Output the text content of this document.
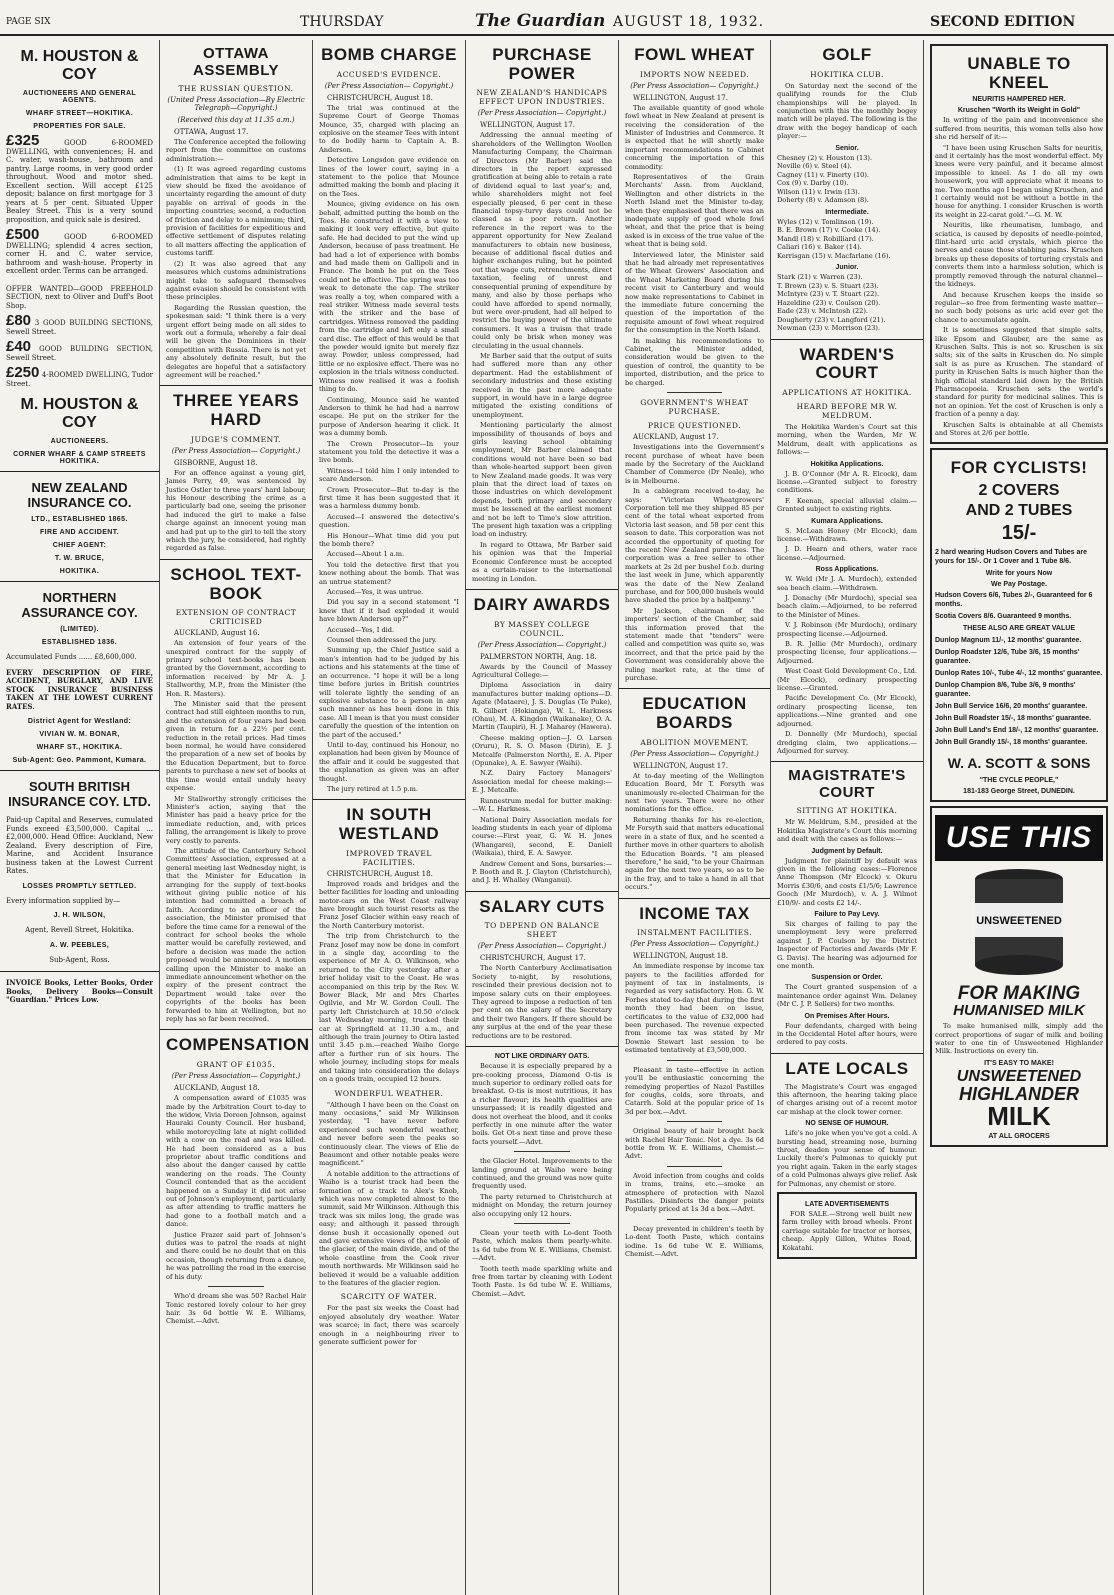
PAGE SIX	THURSDAY	The Guardian AUGUST 18, 1932.	SECOND EDITION
M. HOUSTON & COY
AUCTIONEERS AND GENERAL AGENTS.
WHARF STREET—HOKITIKA.
PROPERTIES FOR SALE.
£325	GOOD 6-ROOMED DWELLING, with conveniences; H. and C. water, wash-house, bathroom and pantry. Large rooms, in very good order throughout. Wood and motor shed. Excellent section. Will accept £125 deposit; balance on first mortgage for 3 years at 5 per cent. Situated Upper Bealey Street. This is a very sound proposition, and quick sale is desired.
£500	GOOD 6-ROOMED DWELLING; splendid 4 acres section, corner H. and C. water service, bathroom and wash-house. Property in excellent order. Terms can be arranged.
OFFER WANTED—GOOD FREEHOLD SECTION, next to Oliver and Duff's Boot Shop.
£80 3 GOOD BUILDING SECTIONS, Sewell Street.
£40 GOOD BUILDING SECTION, Sewell Street.
£250 4-ROOMED DWELLING, Tudor Street.
M. HOUSTON & COY
AUCTIONEERS.
CORNER WHARF & CAMP STREETS HOKITIKA.
NEW ZEALAND INSURANCE CO.
LTD., ESTABLISHED 1865.
FIRE AND ACCIDENT.
CHIEF AGENT:
T. W. BRUCE,
HOKITIKA.
NORTHERN ASSURANCE COY.
(LIMITED).
ESTABLISHED 1836.
Accumulated Funds ...... £8,600,000.
EVERY DESCRIPTION OF FIRE, ACCIDENT, BURGLARY, AND LIVE STOCK INSURANCE BUSINESS TAKEN AT THE LOWEST CURRENT RATES.
District Agent for Westland:
VIVIAN W. M. BONAR,
WHARF ST., HOKITIKA.
Sub-Agent: Geo. Pammont, Kumara.
SOUTH BRITISH INSURANCE COY. LTD.
Paid-up Capital and Reserves, cumulated Funds exceed £3,500,000. Capital ... £2,000,000. Head Office: Auckland, New Zealand. Every description of Fire, Marine, and Accident Insurance business taken at the Lowest Current Rates.
LOSSES PROMPTLY SETTLED.
Every information supplied by—
J. H. WILSON,
Agent, Revell Street, Hokitika.
A. W. PEEBLES,
Sub-Agent, Ross.
INVOICE Books, Letter Books, Order Books, Delivery Books—Consult "Guardian." Prices Low.
OTTAWA ASSEMBLY
THE RUSSIAN QUESTION.
(United Press Association—By Electric Telegraph—Copyright.)
(Received this day at 11.35 a.m.)
OTTAWA, August 17.

The Conference accepted the following report from the committee on customs administration:—

(1) It was agreed regarding customs administration that aims to be kept in view should be fixed the avoidance of uncertainty regarding the amount of duty payable on arrival of goods in the importing countries; second, a reduction of friction and delay to a minimum; third, provision of facilities for expeditious and effective settlement of disputes relating to all matters affecting the application of customs tariff.

(2) It was also agreed that any measures which customs administrations might take to safeguard themselves against evasion should be consistent with these principles.

Regarding the Russian question, the spokesman said: "I think there is a very urgent effort being made on all sides to work out a formula, whereby a fair deal will be given the Dominions in their competition with Russia. There is not yet any absolutely definite result, but the delegates are hopeful that a satisfactory agreement will be reached."

THREE YEARS HARD
JUDGE'S COMMENT.
(Per Press Association— Copyright.)
GISBORNE, August 18.

For an offence against a young girl, James Perry, 49, was sentenced by Justice Ostler to three years' hard labour, his Honour describing the crime as a particularly bad one, seeing the prisoner had induced the girl to make a false charge against an innocent young man and had put up to the girl to tell the story which the jury, he considered, had rightly regarded as false.

SCHOOL TEXT-BOOK
EXTENSION OF CONTRACT CRITICISED
AUCKLAND, August 16.

An extension of four years of the unexpired contract for the supply of primary school text-books has been granted by the Government, according to information received by Mr A. J. Stallworthy, M.P., from the Minister (the Hon. R. Masters).

The Minister said that the present contract had still eighteen months to run, and the extension of four years had been given in return for a 22½ per cent. reduction in the retail prices. Had times been normal, he would have considered the preparation of a new set of books by the Education Department, but to force parents to purchase a new set of books at this time would entail unduly heavy expense.

Mr Stallworthy strongly criticises the Minister's action, saying that the Minister has paid a heavy price for the immediate reduction, and, with prices falling, the arrangement is likely to prove very costly to parents.

The attitude of the Canterbury School Committees' Association, expressed at a general meeting last Wednesday night, is that the Minister for Education in arranging for the supply of text-books without giving public notice of his intention had committed a breach of faith. According to an officer of the association, the Minister promised that before the time came for a renewal of the contract for school books the whole matter would be carefully reviewed, and before a decision was made the action proposed would be announced. A motion calling upon the Minister to make an immediate announcement whether on the expiry of the present contract the Department would take over the copyrights of the books has been forwarded to him at Wellington, but no reply has so far been received.

COMPENSATION
GRANT OF £1035.
(Per Press Association— Copyright.)
AUCKLAND, August 18.

A compensation award of £1035 was made by the Arbitration Court to-day to the widow, Vivia Doreen Johnson, against Hauraki County Council. Her husband, while motorcycling late at night collided with a cow on the road and was killed. He had been considered as a bus proprietor about traffic conditions and also about the danger caused by cattle wandering on the roads. The County Council contended that as the accident happened on a Sunday it did not arise out of Johnson's employment, particularly as after attending to traffic matters he had gone to a football match and a dance.

Justice Frazer said part of Johnson's duties was to patrol the roads at night and there could be no doubt that on this occasion, though returning from a dance, he was patrolling the road in the exercise of his duty.

Who'd dream she was 50? Rachel Hair Tonic restored lovely colour to her grey hair. 3s 6d bottle W. E. Williams, Chemist.—Advt.

BOMB CHARGE
ACCUSED'S EVIDENCE.
(Per Press Association— Copyright.)
CHRISTCHURCH, August 18.

The trial was continued at the Supreme Court of George Thomas Mounce, 35, charged with placing an explosive on the steamer Tees with intent to do bodily harm to Captain A. B. Anderson.

Detective Longsdon gave evidence on lines of the lower court, saying in a statement to the police that Mounce admitted making the bomb and placing it on the Tees.

Mounce, giving evidence on his own behalf, admitted putting the bomb on the Tees. He constructed it with a view to making it look very effective, but quite safe. He had decided to put the wind up Anderson, because of pass treatment. He had had a lot of experience with bombs and had made them on Gallipoli and in France. The bomb he put on the Tees could not be effective. The spring was too weak to detonate the cap. The striker was really a toy, when compared with a real striker. Witness made several tests with the striker and the base of cartridges. Witness removed the padding from the cartridge and left only a small card disc. The effect of this would be that the powder would ignite but merely fizz away. Powder, unless compressed, had little or no explosive effect. There was no explosion in the trials witness conducted. Witness now realised it was a foolish thing to do.

Continuing, Mounce said he wanted Anderson to think he had had a narrow escape. He put on the striker for the purpose of Anderson hearing it click. It was a dummy bomb.

The Crown Prosecutor—In your statement you told the detective it was a live bomb.

Witness—I told him I only intended to scare Anderson.

Crown Prosecutor—But to-day is the first time it has been suggested that it was a harmless dummy bomb.

Accused—I answered the detective's question.

His Honour—What time did you put the bomb there?

Accused—About 1 a.m.

You told the detective first that you knew nothing about the bomb. That was an untrue statement?

Accused—Yes, it was untrue.

Did you say in a second statement "I knew that if it had exploded it would have blown Anderson up?"

Accused—Yes, I did.

Counsel then addressed the jury.

Summing up, the Chief Justice said a man's intention had to be judged by his actions and his statements at the time of an occurrence. "I hope it will be a long time before juries in British countries will tolerate lightly the sending of an explosive substance to a person in any such manner as has been done in this case. All I mean is that you must consider carefully the question of the intention on the part of the accused."

Until to-day, continued his Honour, no explanation had been given by Mounce of the affair and it could be suggested that the explanation as given was an after thought.

The jury retired at 1.5 p.m.

IN SOUTH WESTLAND
IMPROVED TRAVEL FACILITIES.
CHRISTCHURCH, August 18.

Improved roads and bridges and the better facilities for loading and unloading motor-cars on the West Coast railway have brought such tourist resorts as the Franz Josef Glacier within easy reach of the North Canterbury motorist.

The trip from Christchurch to the Franz Josef may now be done in comfort in a single day, according to the experience of Mr A. O. Wilkinson, who returned to the City yesterday after a brief holiday visit to the Coast. He was accompanied on this trip by the Rev. W. Bower Black, Mr and Mrs Charles Ogilvie, and Mr W. Gordon Coull. The party left Christchurch at 10.50 o'clock last Wednesday morning, trucked their car at Springfield at 11.30 a.m., and although the train journey to Otira lasted until 3.45 p.m.—reached Waiho Gorge after a further run of six hours. The whole journey, including stops for meals and taking into consideration the delays on a goods train, occupied 12 hours.

WONDERFUL WEATHER.

"Although I have been on the Coast on many occasions," said Mr Wilkinson yesterday, "I have never before experienced such wonderful weather, and never before seen the peaks so continuously clear. The views of Elie de Beaumont and other notable peaks were magnificent."

A notable addition to the attractions of Waiho is a tourist track had been the formation of a track to Alex's Knob, which was now completed almost to the summit, said Mr Wilkinson. Although this track was six miles long, the grade was easy; and although it passed through dense bush it occasionally opened out and gave extensive views of the whole of the glacier, of the main divide, and of the whole coastline from the Cook river mouth northwards. Mr Wilkinson said he believed it would be a valuable addition to the features of the glacier region.

SCARCITY OF WATER.

For the past six weeks the Coast had enjoyed absolutely dry weather. Water was scarce; in fact, there was scarcely enough in a neighbouring river to generate sufficient power for

PURCHASE POWER
NEW ZEALAND'S HANDICAPS EFFECT UPON INDUSTRIES.
(Per Press Association— Copyright.)
WELLINGTON, August 17.

Addressing the annual meeting of shareholders of the Wellington Woollen Manufacturing Company, the Chairman of Directors (Mr Barber) said the directors in the report expressed gratification at being able to retain a rate of dividend equal to last year's; and, while shareholders might not feel especially pleased, 6 per cent in these financial topsy-turvy days could not be classed as a poor return. Another reference in the report was to the apparent opportunity for New Zealand manufacturers to obtain new business, because of additional fiscal duties and higher exchanges ruling, but he pointed out that wage cuts, retrenchments, direct taxation, feeling of unrest and consequential pruning of expenditure by many, and also by those perhaps who could have afforded to spend normally, but were over-prudent, had all helped to restrict the buying power of the ultimate consumers. It was a truism that trade could only be brisk when money was circulating in the usual channels.

Mr Barber said that the output of suits had suffered more than any other department. Had the establishment of secondary industries and those existing received in the past more adequate support, in would have in a large degree mitigated the existing conditions of unemployment.

Mentioning particularly the almost impossibility of thousands of boys and girls leaving school obtaining employment, Mr Barber claimed that conditions would not have been so bad than whole-hearted support been given to New Zealand made goods. It was very plain that the direct load of taxes on those industries on which development depends, both primary and secondary must be lessened at the earliest moment and not be left to Time's slow attrition. The present high taxation was a crippling load on industry.

In regard to Ottawa, Mr Barber said his opinion was that the Imperial Economic Conference must be accepted as a curtain-raiser to the international meeting in London.

DAIRY AWARDS
BY MASSEY COLLEGE COUNCIL.
(Per Press Association— Copyright.)
PALMERSTON NORTH, Aug. 18.

Awards by the Council of Massey Agricultural College:—

Diploma Association in dairy manufactures butter making options—D. Agate (Mataere), J. S. Douglas (Te Puke), R. Gilbert (Hokianga), W. L. Harkness (Ohau), M. A. Kingdon (Waikanake), O. A. Martin (Taupiri), H. J. Maharey (Hawera).

Cheese making option—J. O. Larsen (Oruru), R. S. O. Mason (Dirin), E. J. Metcalfe (Palmerston North), E. A. Piper (Opunake), A. E. Sawyer (Waihi).

N.Z. Dairy Factory Managers' Association medal for cheese making:—E. J. Metcalfe.

Runnestrum medal for butter making:—W. L. Harkness.

National Dairy Association medals for leading students in each year of diploma course:—First year, G. W. H. Jones (Whangarei), second, E. Daniell (Waikaia), third, E. A. Sawyer.

Andrew Cement and Sons, bursaries:—P. Booth and R. J. Clayton (Christchurch), and J. H. Whalley (Wanganui).

SALARY CUTS
TO DEPEND ON BALANCE SHEET
(Per Press Association— Copyright.)
CHRISTCHURCH, August 17.

The North Canterbury Acclimatisation Society to-night, by resolutions, rescinded their previous decision not to impose salary cuts on their employees. They agreed to impose a reduction of ten per cent on the salary of the Secretary and their two Rangers. If there should be any surplus at the end of the year these reductions are to be restored.

NOT LIKE ORDINARY OATS.

Because it is especially prepared by a pre-cooking process, Diamond O-tis is much superior to ordinary rolled oats for breakfast. O-tis is most nutritious, it has a richer flavour; its health qualities are unsurpassed; it is readily digested and does not overheat the blood, and it cooks perfectly in one minute after the water boils. Get Ot-s next time and prove these facts yourself.—Advt.

the Glacier Hotel. Improvements to the landing ground at Waiho were being continued, and the ground was now quite frequently used.

The party returned to Christchurch at midnight on Monday, the return journey also occupying only 12 hours.

Clean your teeth with Lo-dent Tooth Paste, which makes them pearly-white. 1s 6d tube from W. E. Williams, Chemist.—Advt.

Tooth teeth made sparkling white and free from tartar by cleaning with Lodent Tooth Paste. 1s 6d tube W. E. Williams, Chemist.—Advt.

FOWL WHEAT
IMPORTS NOW NEEDED.
(Per Press Association— Copyright.)
WELLINGTON, August 17.

The available quantity of good whole fowl wheat in New Zealand at present is receiving the consideration of the Minister of Industries and Commerce. It is expected that he will shortly make important recommendations to Cabinet concerning the importation of this commodity.

Representatives of the Grain Merchants' Assn. from Auckland, Wellington and other districts in the North Island met the Minister to-day, when they emphasised that there was an inadequate supply of good whole fowl wheat, and that the price that is being asked is in excess of the true value of the wheat that is being sold.

Interviewed later, the Minister said that he had already met representatives of the Wheat Growers' Association and the Wheat Marketing Board during his recent visit to Canterbury and would now make representations to Cabinet in the immediate future concerning the question of the importation of the requisite amount of fowl wheat required for the consumption in the North Island.

In making his recommendations to Cabinet, the Minister added, consideration would be given to the question of control, the quantity to be imported, distribution, and the price to be charged.

GOVERNMENT'S WHEAT PURCHASE.
PRICE QUESTIONED.
AUCKLAND, August 17.

Investigations into the Government's recent purchase of wheat have been made by the Secretary of the Auckland Chamber of Commerce (Dr Neale), who is in Melbourne.

In a cablegram received to-day, he says: "Victorian Wheatgrowers' Corporation tell me they shipped 85 per cent of the total wheat exported from Victoria last season, and 58 per cent this season to date. This corporation was not accorded the opportunity of quoting for the recent New Zealand purchases. The corporation was a free seller to other markets at 2s 2d per bushel f.o.b. during the last week in June, which apparently was the date of the New Zealand purchase, and for 500,000 bushels would have shaded the price by a halfpenny."

Mr Jackson, chairman of the importers' section of the Chamber, said this information proved that the statement made that "tenders" were called and competition was quite so, was incorrect, and that the price paid by the Government was considerably above the ruling market rate, at the time of purchase.

EDUCATION BOARDS
ABOLITION MOVEMENT.
(Per Press Association— Copyright.)
WELLINGTON, August 17.

At to-day meeting of the Wellington Education Board, Mr T. Forsyth was unanimously re-elected Chairman for the next two years. There were no other nominations for the office.

Returning thanks for his re-election, Mr Forsyth said that matters educational were in a state of flux, and he scented a further move in other quarters to abolish the Education Boards. "I am pleased therefore," he said, "to be your Chairman again for the next two years, so as to be in the fray, and to take a hand in all that occurs."

INCOME TAX
INSTALMENT FACILITIES.
(Per Press Association— Copyright.)
WELLINGTON, August 18.

An immediate response by income tax payers to the facilities afforded for payment of tax in instalments, is regarded as very satisfactory. Hon. G. W. Forbes stated to-day that during the first month they had been on issue, certificates to the value of £32,000 had been purchased. The revenue expected from income tax was stated by Mr Downie Stewart last session to be estimated tentatively at £3,500,000.

Pleasant in taste—effective in action you'll be enthusiastic concerning the remedying properties of Nazol Pastilles for coughs, colds, sore throats, and Catarrh. Sold at the popular price of 1s 3d per box.—Advt.

Original beauty of hair brought back with Rachel Hair Tonic. Not a dye. 3s 6d bottle from W. E. Williams, Chemist.—Advt.

Avoid infection from coughs and colds in trams, trains, etc.—smoke an atmosphere of protection with Nazol Pastilles. Disinfects the danger points Popularly priced at 1s 3d a box.—Advt.

Decay prevented in children's teeth by Lo-dent Tooth Paste, which contains iodine. 1s 6d tube W. E. Williams, Chemist.—Advt.

GOLF
HOKITIKA CLUB.

On Saturday next the second of the qualifying rounds for the Club championships will be played. In conjunction with this the monthly bogey match will be played. The following is the draw with the bogey handicap of each player:—

Senior.
Chesney (2) v. Houston (13).
Neville (6) v. Steel (4).
Cagney (11) v. Finerty (10).
Cox (9) v. Darby (10).
Wilson (11) v. Irwin (13).
Doherty (8) v. Adamson (8).
Intermediate.
Wyles (12) v. Tomlinson (19).
B. E. Brown (17) v. Cooke (14).
Mandl (18) v. Robilliard (17).
Caliari (16) v. Baker (14).
Kerrisgan (15) v. Macfarlane (16).
Junior.
Stark (21) v. Warren (23).
T. Brown (23) v. S. Stuart (23).
McIntyre (23) v. T. Stuart (22).
Hazeldine (23) v. Coulson (20).
Eade (23) v. McIntosh (22).
Dougherty (23) v. Langford (21).
Newman (23) v. Morrison (23).
WARDEN'S COURT
APPLICATIONS AT HOKITIKA.
HEARD BEFORE MR W. MELDRUM.

The Hokitika Warden's Court sat this morning, when the Warden, Mr W. Meldrum, dealt with applications as follows:—

Hokitika Applications.

J. B. O'Connor (Mr A. R. Elcock), dam license.—Granted subject to forestry conditions.

F. Keenan, special alluvial claim.—Granted subject to existing rights.

Kumara Applications.

S. McLean Honey (Mr Elcock), dam license.—Withdrawn.

J. D. Hearn and others, water race license.—Adjourned.

Ross Applications.

W. Weld (Mr J. A. Murdoch), extended sea beach claim.—Withdrawn.

J. Donachy (Mr Murdoch), special sea beach claim.—Adjourned, to be referred to the Minister of Mines.

V. J. Robinson (Mr Murdoch), ordinary prospecting license.—Adjourned.

B. R. Jellie (Mr Murdoch), ordinary prospecting license, four applications.—Adjourned.

West Coast Gold Development Co., Ltd. (Mr Elcock), ordinary prospecting license.—Granted.

Pacific Development Co. (Mr Elcock), ordinary prospecting license, ten applications.—Nine granted and one adjourned.

D. Donnelly (Mr Murdoch), special dredging claim, two applications.—Adjourned for survey.

MAGISTRATE'S COURT
SITTING AT HOKITIKA.

Mr W. Meldrum, S.M., presided at the Hokitika Magistrate's Court this morning and dealt with the cases as follows:—

Judgment by Default.

Judgment for plaintiff by default was given in the following cases:—Florence Anne Thompson (Mr Elcock) v. Okuru Morris £30/6, and costs £1/5/6; Lawrence Gooch (Mr Murdoch), v. A. J. Wilmot £10/9/- and costs £2 14/-.

Failure to Pay Levy.

Six charges of failing to pay the unemployment levy were preferred against J. P. Coulson by the District Inspector of Factories and Awards (Mr F. G. Davis). The hearing was adjourned for one month.

Suspension or Order.

The Court granted suspension of a maintenance order against Wm. Delaney (Mr C. J. P. Sellers) for two months.

On Premises After Hours.

Four defendants, charged with being in the Occidental Hotel after hours, were ordered to pay costs.

LATE LOCALS

The Magistrate's Court was engaged this afternoon, the hearing taking place of charges arising out of a recent motor car mishap at the clock tower corner.

NO SENSE OF HUMOUR.

Life's no joke when you've got a cold. A bursting head, streaming nose, burning throat, deaden your sense of humour. Luckily there's Pulmonas to quickly put you right again. Taken in the early stages of a cold Pulmonas always give relief. Ask for Pulmonas, any chemist or store.

LATE ADVERTISEMENTS

FOR SALE.—Strong well built new farm trolley with broad wheels. Front carriage suitable for tractor or horses, cheap. Apply Gillon, Whites Road, Kokatahi.

UNABLE TO KNEEL
NEURITIS HAMPERED HER.
Kruschen "Worth its Weight in Gold"

In writing of the pain and inconvenience she suffered from neuritis, this woman tells also how she rid herself of it:—

"I have been using Kruschen Salts for neuritis, and it certainly has the most wonderful effect. My knees were very painful, and it became almost impossible to kneel. As I do all my own housework, you will appreciate what it means to me. Two months ago I began using Kruschen, and I certainly would not be without a bottle in the house for anything. I consider Kruschen is worth its weight in 22-carat gold."—G. M. W.

Neuritis, like rheumatism, lumbago, and sciatica, is caused by deposits of needle-pointed, flint-hard uric acid crystals, which pierce the nerves and cause those stabbing pains. Kruschen breaks up these deposits of torturing crystals and converts them into a harmless solution, which is promptly removed through the natural channel—the kidneys.

And because Kruschen keeps the inside so regular—so free from fermenting waste matter—no such body poisons as uric acid ever get the chance to accumulate again.

It is sometimes suggested that simple salts, like Epsom and Glauber, are the same as Kruschen Salts. This is not so. Kruschen is six salts; six of the salts in Kruschen do. No simple salt is as pure as Kruschen. The standard of purity in Kruschen Salts is much higher than the high official standard laid down by the British Pharmacopoeia. Kruschen sets the world's standard for purity for medicinal salines. This is not an opinion. Yet the cost of Kruschen is only a fraction of a penny a day.

Kruschen Salts is obtainable at all Chemists and Stores at 2/6 per bottle.

FOR CYCLISTS!
2 COVERS
AND 2 TUBES
15/-
2 hard wearing Hudson Covers and Tubes are yours for 15/-. Or 1 Cover and 1 Tube 8/6.
Write for yours Now
We Pay Postage.
Hudson Covers 6/6, Tubes 2/-, Guaranteed for 6 months.
Scotia Covers 8/6. Guaranteed 9 months.
THESE ALSO ARE GREAT VALUE
Dunlop Magnum 11/-, 12 months' guarantee.
Dunlop Roadster 12/6, Tube 3/6, 15 months' guarantee.
Dunlop Rates 10/-, Tube 4/-, 12 months' guarantee.
Dunlop Champion 8/6, Tube 3/6, 9 months' guarantee.
John Bull Service 16/6, 20 months' guarantee.
John Bull Roadster 15/-, 18 months' guarantee.
John Bull Land's End 18/-, 12 months' guarantee.
John Bull Grandly 15/-, 18 months' guarantee.
W. A. SCOTT & SONS
"THE CYCLE PEOPLE,"
181-183 George Street, DUNEDIN.
USE THIS
UNSWEETENED
FOR MAKING
HUMANISED MILK

To make humanised milk, simply add the correct proportions of sugar of milk and boiling water to one tin of Unsweetened Highlander Milk. Instructions on every tin.

IT'S EASY TO MAKE!
UNSWEETENED
HIGHLANDER
MILK
AT ALL GROCERS
